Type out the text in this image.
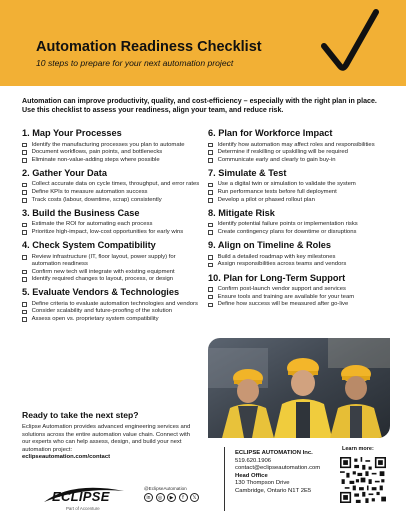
Automation Readiness Checklist
10 steps to prepare for your next automation project
Automation can improve productivity, quality, and cost-efficiency – especially with the right plan in place. Use this checklist to assess your readiness, align your team, and reduce risk.
1. Map Your Processes
Identify the manufacturing processes you plan to automate
Document workflows, pain points, and bottlenecks
Eliminate non-value-adding steps where possible
2. Gather Your Data
Collect accurate data on cycle times, throughput, and error rates
Define KPIs to measure automation success
Track costs (labour, downtime, scrap) consistently
3. Build the Business Case
Estimate the ROI for automating each process
Prioritize high-impact, low-cost opportunities for early wins
4. Check System Compatibility
Review infrastructure (IT, floor layout, power supply) for automation readiness
Confirm new tech will integrate with existing equipment
Identify required changes to layout, process, or design
5. Evaluate Vendors & Technologies
Define criteria to evaluate automation technologies and vendors
Consider scalability and future-proofing of the solution
Assess open vs. proprietary system compatibility
6. Plan for Workforce Impact
Identify how automation may affect roles and responsibilities
Determine if reskilling or upskilling will be required
Communicate early and clearly to gain buy-in
7. Simulate & Test
Use a digital twin or simulation to validate the system
Run performance tests before full deployment
Develop a pilot or phased rollout plan
8. Mitigate Risk
Identify potential failure points or implementation risks
Create contingency plans for downtime or disruptions
9. Align on Timeline & Roles
Build a detailed roadmap with key milestones
Assign responsibilities across teams and vendors
10. Plan for Long-Term Support
Confirm post-launch vendor support and services
Ensure tools and training are available for your team
Define how success will be measured after go-live
Ready to take the next step?

Eclipse Automation provides advanced engineering services and solutions across the entire automation value chain. Connect with our experts who can help assess, design, and build your next automation project:

eclipseautomation.com/contact
ECLIPSE
Part of Accenture
@EclipseAutomation
in	◎	▶	f	𝕏
ECLIPSE AUTOMATION Inc.
519.620.1906
contact@eclipseautomation.com
Head Office
130 Thompson Drive
Cambridge, Ontario N1T 2E5
Learn more:
